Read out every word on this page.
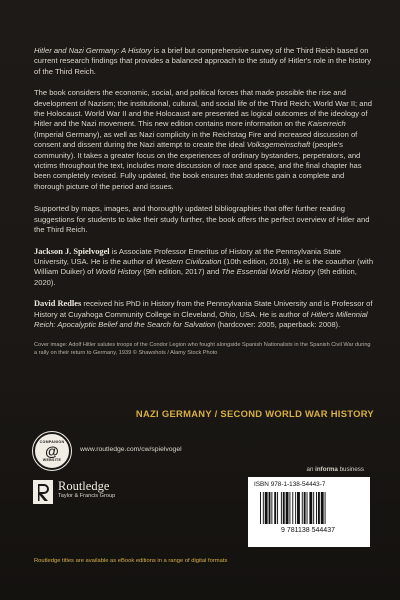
Hitler and Nazi Germany: A History is a brief but comprehensive survey of the Third Reich based on current research findings that provides a balanced approach to the study of Hitler's role in the history of the Third Reich.

The book considers the economic, social, and political forces that made possible the rise and development of Nazism; the institutional, cultural, and social life of the Third Reich; World War II; and the Holocaust. World War II and the Holocaust are presented as logical outcomes of the ideology of Hitler and the Nazi movement. This new edition contains more information on the Kaiserreich (Imperial Germany), as well as Nazi complicity in the Reichstag Fire and increased discussion of consent and dissent during the Nazi attempt to create the ideal Volksgemeinschaft (people's community). It takes a greater focus on the experiences of ordinary bystanders, perpetrators, and victims throughout the text, includes more discussion of race and space, and the final chapter has been completely revised. Fully updated, the book ensures that students gain a complete and thorough picture of the period and issues.

Supported by maps, images, and thoroughly updated bibliographies that offer further reading suggestions for students to take their study further, the book offers the perfect overview of Hitler and the Third Reich.

Jackson J. Spielvogel is Associate Professor Emeritus of History at the Pennsylvania State University, USA. He is the author of Western Civilization (10th edition, 2018). He is the coauthor (with William Duiker) of World History (9th edition, 2017) and The Essential World History (9th edition, 2020).

David Redles received his PhD in History from the Pennsylvania State University and is Professor of History at Cuyahoga Community College in Cleveland, Ohio, USA. He is author of Hitler's Millennial Reich: Apocalyptic Belief and the Search for Salvation (hardcover: 2005, paperback: 2008).

Cover image: Adolf Hitler salutes troops of the Condor Legion who fought alongside Spanish Nationalists in the Spanish Civil War during a rally on their return to Germany, 1939 © Shawshots / Alamy Stock Photo

NAZI GERMANY / SECOND WORLD WAR HISTORY
COMPANION
@
WEBSITE
www.routledge.com/cw/spielvogel
an informa business
Routledge
Taylor & Francis Group
ISBN 978-1-138-54443-7
9 781138 544437
Routledge titles are available as eBook editions in a range of digital formats
